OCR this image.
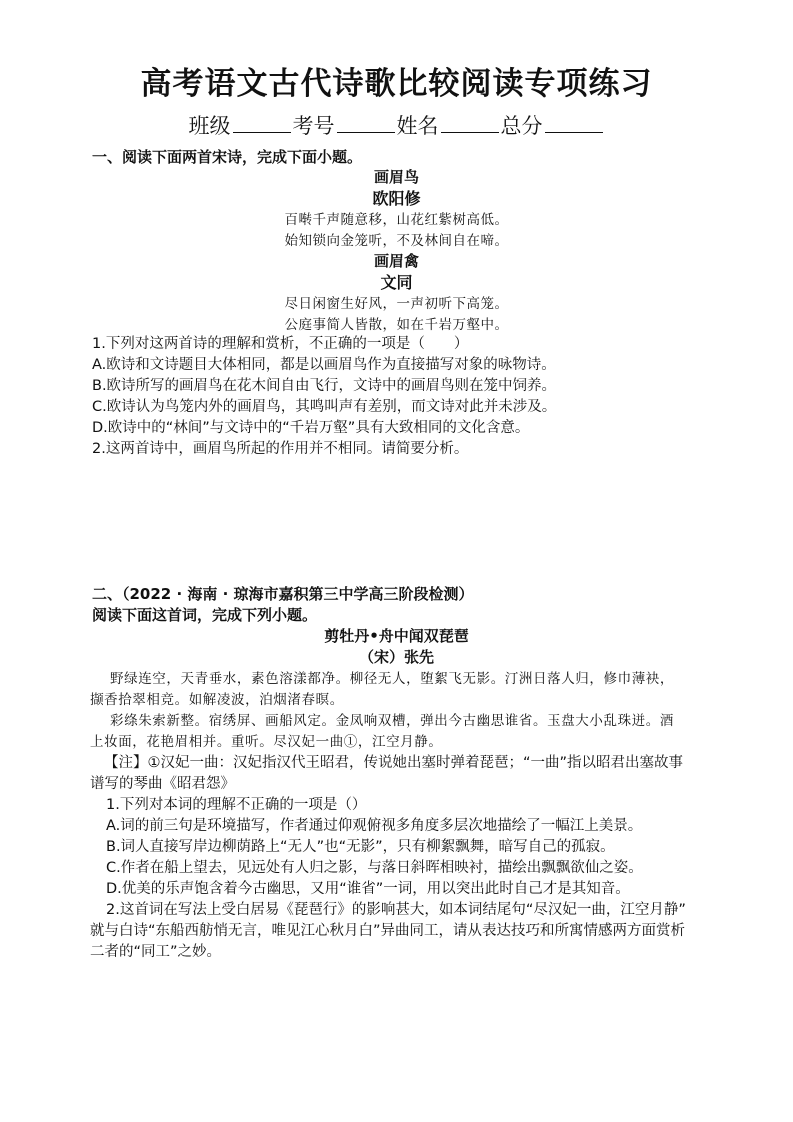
高考语文古代诗歌比较阅读专项练习
班级	考号	姓名	总分
一、阅读下面两首宋诗，完成下面小题。
画眉鸟
欧阳修
百啭千声随意移，山花红紫树高低。
始知锁向金笼听，不及林间自在啼。
画眉禽
文同
尽日闲窗生好风，一声初听下高笼。
公庭事简人皆散，如在千岩万壑中。
1.下列对这两首诗的理解和赏析，不正确的一项是（　　）
A.欧诗和文诗题目大体相同，都是以画眉鸟作为直接描写对象的咏物诗。
B.欧诗所写的画眉鸟在花木间自由飞行，文诗中的画眉鸟则在笼中饲养。
C.欧诗认为鸟笼内外的画眉鸟，其鸣叫声有差别，而文诗对此并未涉及。
D.欧诗中的“林间”与文诗中的“千岩万壑”具有大致相同的文化含意。
2.这两首诗中，画眉鸟所起的作用并不相同。请简要分析。
二、（2022 · 海南 · 琼海市嘉积第三中学高三阶段检测）
阅读下面这首词，完成下列小题。
剪牡丹•舟中闻双琵琶
（宋）张先
野绿连空，天青垂水，素色溶漾都净。柳径无人，堕絮飞无影。汀洲日落人归，修巾薄袂，
撷香拾翠相竞。如解凌波，泊烟渚春暝。
彩绦朱索新整。宿绣屏、画船风定。金凤响双槽，弹出今古幽思谁省。玉盘大小乱珠迸。酒
上妆面，花艳眉相并。重听。尽汉妃一曲①，江空月静。
【注】①汉妃一曲：汉妃指汉代王昭君，传说她出塞时弹着琵琶；“一曲”指以昭君出塞故事
谱写的琴曲《昭君怨》
1.下列对本词的理解不正确的一项是（）
A.词的前三句是环境描写，作者通过仰观俯视多角度多层次地描绘了一幅江上美景。
B.词人直接写岸边柳荫路上“无人”也“无影”，只有柳絮飘舞，暗写自己的孤寂。
C.作者在船上望去，见远处有人归之影，与落日斜晖相映衬，描绘出飘飘欲仙之姿。
D.优美的乐声饱含着今古幽思，又用“谁省”一词，用以突出此时自己才是其知音。
2.这首词在写法上受白居易《琵琶行》的影响甚大，如本词结尾句“尽汉妃一曲，江空月静”
就与白诗“东船西舫悄无言，唯见江心秋月白”异曲同工，请从表达技巧和所寓情感两方面赏析
二者的“同工”之妙。
